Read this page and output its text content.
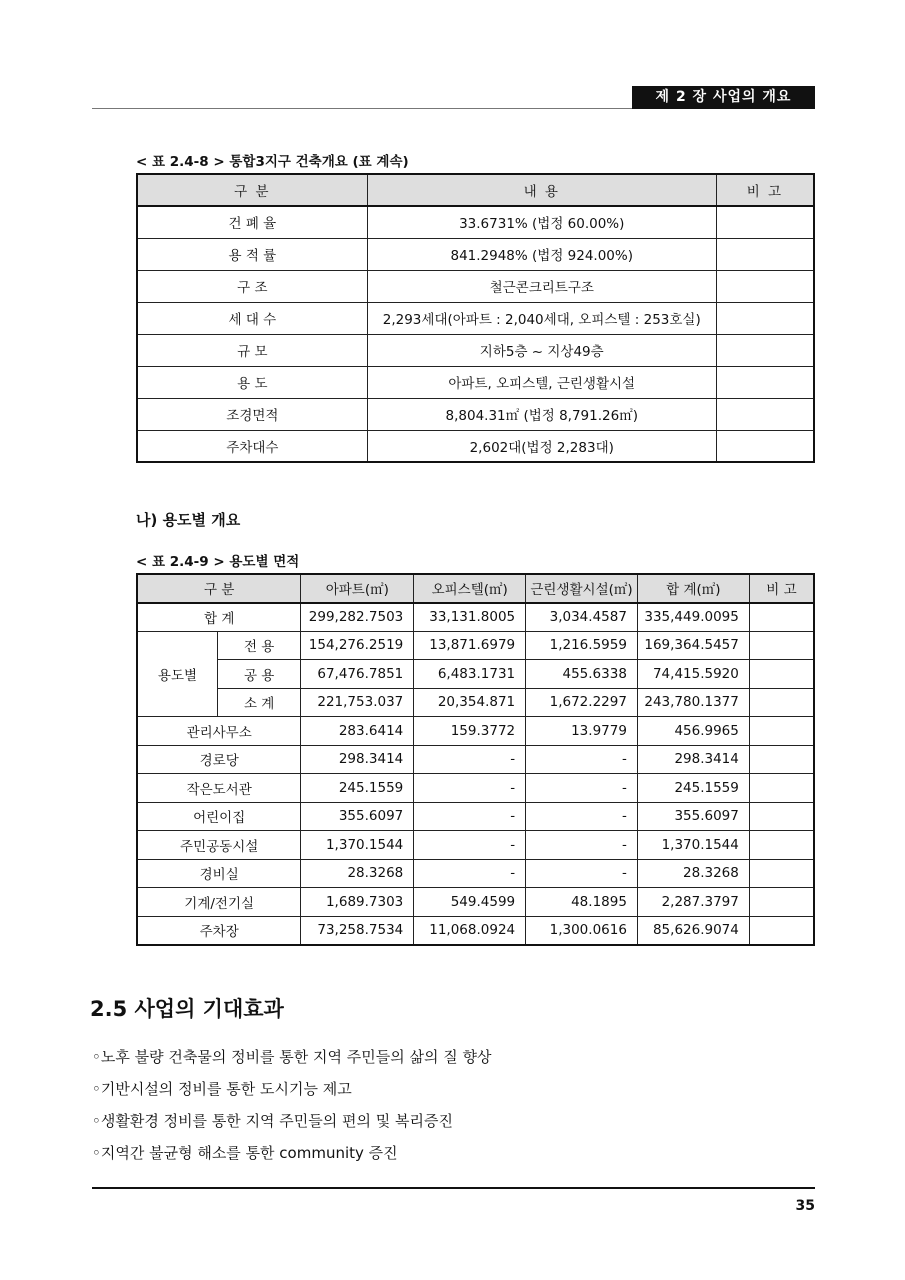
제 2 장 사업의 개요
< 표 2.4-8 > 통합3지구 건축개요 (표 계속)
구 분	내 용	비 고
건 폐 율	33.6731% (법정 60.00%)	
용 적 률	841.2948% (법정 924.00%)	
구 조	철근콘크리트구조	
세 대 수	2,293세대(아파트 : 2,040세대, 오피스텔 : 253호실)	
규 모	지하5층 ~ 지상49층	
용 도	아파트, 오피스텔, 근린생활시설	
조경면적	8,804.31㎡ (법정 8,791.26㎡)	
주차대수	2,602대(법정 2,283대)	
나) 용도별 개요
< 표 2.4-9 > 용도별 면적
구 분		아파트(㎡)	오피스텔(㎡)	근린생활시설(㎡)	합 계(㎡)	비 고
합 계		299,282.7503	33,131.8005	3,034.4587	335,449.0095	
용도별	전 용	154,276.2519	13,871.6979	1,216.5959	169,364.5457	
	공 용	67,476.7851	6,483.1731	455.6338	74,415.5920	
	소 계	221,753.037	20,354.871	1,672.2297	243,780.1377	
관리사무소		283.6414	159.3772	13.9779	456.9965	
경로당		298.3414	-	-	298.3414	
작은도서관		245.1559	-	-	245.1559	
어린이집		355.6097	-	-	355.6097	
주민공동시설		1,370.1544	-	-	1,370.1544	
경비실		28.3268	-	-	28.3268	
기계/전기실		1,689.7303	549.4599	48.1895	2,287.3797	
주차장		73,258.7534	11,068.0924	1,300.0616	85,626.9074	
2.5 사업의 기대효과
◦노후 불량 건축물의 정비를 통한 지역 주민들의 삶의 질 향상
◦기반시설의 정비를 통한 도시기능 제고
◦생활환경 정비를 통한 지역 주민들의 편의 및 복리증진
◦지역간 불균형 해소를 통한 community 증진
35
